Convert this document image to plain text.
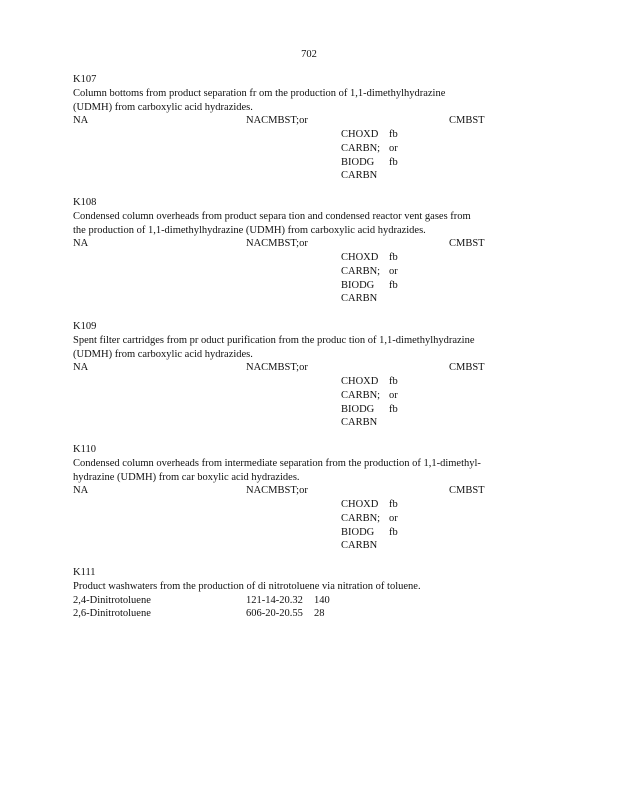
702
K107
Column bottoms from product separation fr om the production of 1,1-dimethylhydrazine
(UDMH) from carboxylic acid hydrazides.
NA	NACMBST;or	CMBST
CHOXD fb
CARBN; or
BIODG fb
CARBN
K108
Condensed column overheads from product separa tion and condensed reactor vent gases from
the production of 1,1-dimethylhydrazine (UDMH) from carboxylic acid hydrazides.
NA	NACMBST;or	CMBST
CHOXD fb
CARBN; or
BIODG fb
CARBN
K109
Spent filter cartridges from pr oduct purification from the produc tion of 1,1-dimethylhydrazine
(UDMH) from carboxylic acid hydrazides.
NA	NACMBST;or	CMBST
CHOXD fb
CARBN; or
BIODG fb
CARBN
K110
Condensed column overheads from intermediate separation from the production of 1,1-dimethyl-
hydrazine (UDMH) from car boxylic acid hydrazides.
NA	NACMBST;or	CMBST
CHOXD fb
CARBN; or
BIODG fb
CARBN
K111
Product washwaters from the production of di nitrotoluene via nitration of toluene.
2,4-Dinitrotoluene	121-14-20.32 140
2,6-Dinitrotoluene	606-20-20.55 28
